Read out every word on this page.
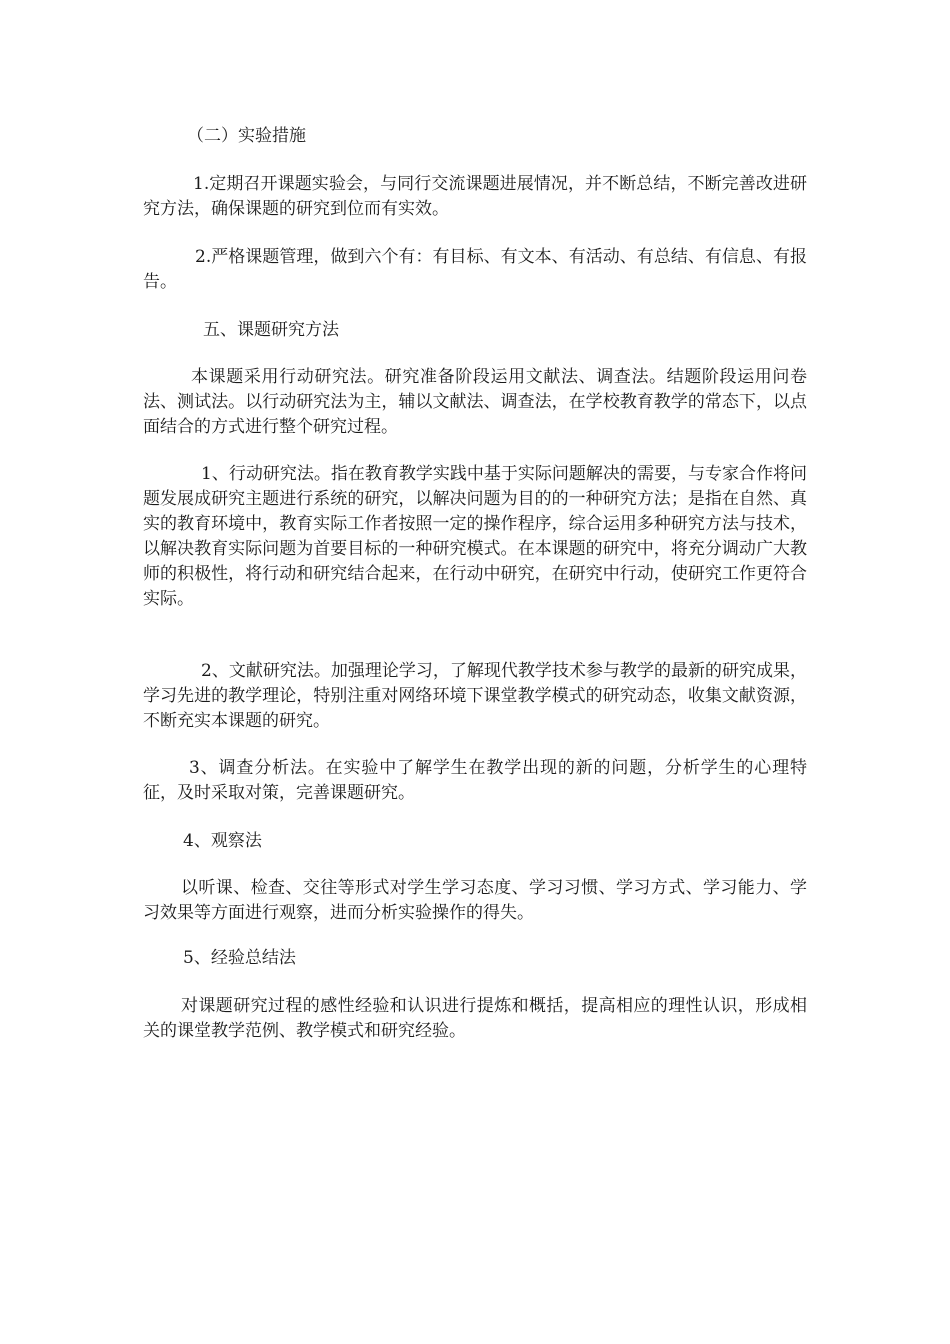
（二）实验措施
1.定期召开课题实验会，与同行交流课题进展情况，并不断总结，不断完善改进研究方法，确保课题的研究到位而有实效。
2.严格课题管理，做到六个有：有目标、有文本、有活动、有总结、有信息、有报告。
五、课题研究方法
本课题采用行动研究法。研究准备阶段运用文献法、调查法。结题阶段运用问卷法、测试法。以行动研究法为主，辅以文献法、调查法，在学校教育教学的常态下，以点面结合的方式进行整个研究过程。
1、行动研究法。指在教育教学实践中基于实际问题解决的需要，与专家合作将问题发展成研究主题进行系统的研究，以解决问题为目的的一种研究方法；是指在自然、真实的教育环境中，教育实际工作者按照一定的操作程序，综合运用多种研究方法与技术，以解决教育实际问题为首要目标的一种研究模式。在本课题的研究中，将充分调动广大教师的积极性，将行动和研究结合起来，在行动中研究，在研究中行动，使研究工作更符合实际。
2、文献研究法。加强理论学习，了解现代教学技术参与教学的最新的研究成果，学习先进的教学理论，特别注重对网络环境下课堂教学模式的研究动态，收集文献资源，不断充实本课题的研究。
3、调查分析法。在实验中了解学生在教学出现的新的问题，分析学生的心理特征，及时采取对策，完善课题研究。
4、观察法
以听课、检查、交往等形式对学生学习态度、学习习惯、学习方式、学习能力、学习效果等方面进行观察，进而分析实验操作的得失。
5、经验总结法
对课题研究过程的感性经验和认识进行提炼和概括，提高相应的理性认识，形成相关的课堂教学范例、教学模式和研究经验。
